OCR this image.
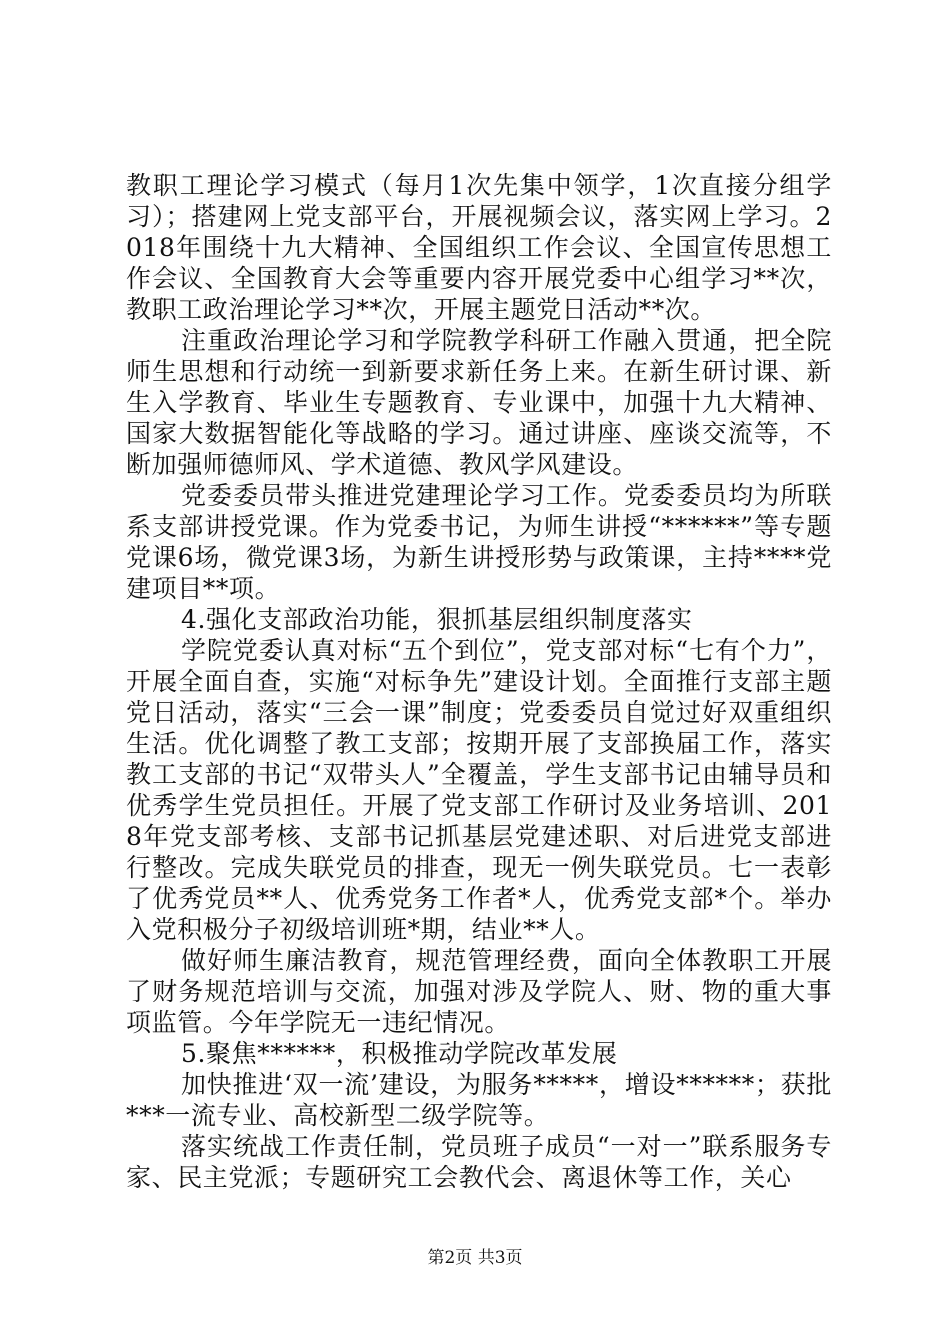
教职工理论学习模式（每月1次先集中领学，1次直接分组学习）；搭建网上党支部平台，开展视频会议，落实网上学习。2018年围绕十九大精神、全国组织工作会议、全国宣传思想工作会议、全国教育大会等重要内容开展党委中心组学习**次，教职工政治理论学习**次，开展主题党日活动**次。

注重政治理论学习和学院教学科研工作融入贯通，把全院师生思想和行动统一到新要求新任务上来。在新生研讨课、新生入学教育、毕业生专题教育、专业课中，加强十九大精神、国家大数据智能化等战略的学习。通过讲座、座谈交流等，不断加强师德师风、学术道德、教风学风建设。

党委委员带头推进党建理论学习工作。党委委员均为所联系支部讲授党课。作为党委书记，为师生讲授“******”等专题党课6场，微党课3场，为新生讲授形势与政策课，主持****党建项目**项。

4.强化支部政治功能，狠抓基层组织制度落实

学院党委认真对标“五个到位”，党支部对标“七有个力”，开展全面自查，实施“对标争先”建设计划。全面推行支部主题党日活动，落实“三会一课”制度；党委委员自觉过好双重组织生活。优化调整了教工支部；按期开展了支部换届工作，落实教工支部的书记“双带头人”全覆盖，学生支部书记由辅导员和优秀学生党员担任。开展了党支部工作研讨及业务培训、2018年党支部考核、支部书记抓基层党建述职、对后进党支部进行整改。完成失联党员的排查，现无一例失联党员。七一表彰了优秀党员**人、优秀党务工作者*人，优秀党支部*个。举办入党积极分子初级培训班*期，结业**人。

做好师生廉洁教育，规范管理经费，面向全体教职工开展了财务规范培训与交流，加强对涉及学院人、财、物的重大事项监管。今年学院无一违纪情况。

5.聚焦******，积极推动学院改革发展

加快推进‘双一流’建设，为服务*****，增设******；获批***一流专业、高校新型二级学院等。

落实统战工作责任制，党员班子成员“一对一”联系服务专家、民主党派；专题研究工会教代会、离退休等工作，关心

第2页 共3页
